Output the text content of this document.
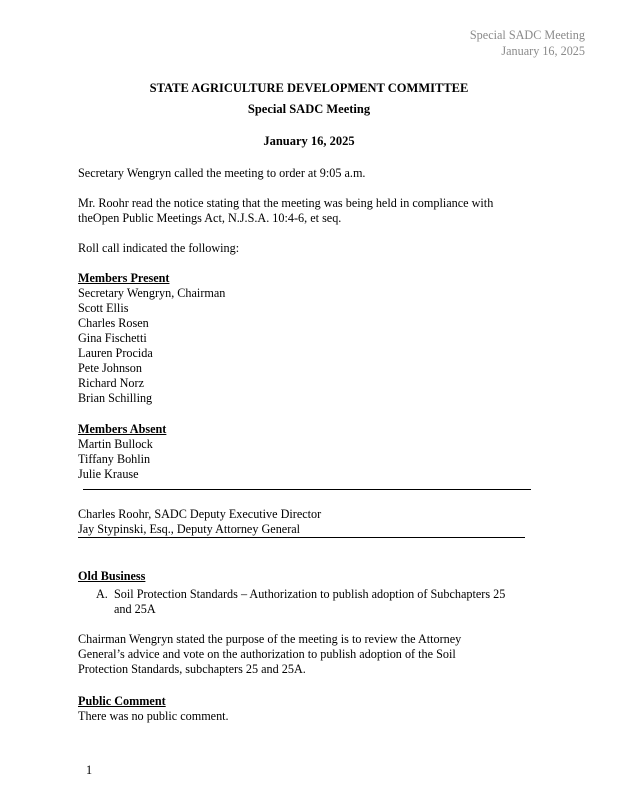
Special SADC Meeting
January 16, 2025
STATE AGRICULTURE DEVELOPMENT COMMITTEE
Special SADC Meeting
January 16, 2025
Secretary Wengryn called the meeting to order at 9:05 a.m.
Mr. Roohr read the notice stating that the meeting was being held in compliance with
theOpen Public Meetings Act, N.J.S.A. 10:4-6, et seq.
Roll call indicated the following:
Members Present
Secretary Wengryn, Chairman
Scott Ellis
Charles Rosen
Gina Fischetti
Lauren Procida
Pete Johnson
Richard Norz
Brian Schilling
Members Absent
Martin Bullock
Tiffany Bohlin
Julie Krause
Charles Roohr, SADC Deputy Executive Director
Jay Stypinski, Esq., Deputy Attorney General
Old Business
A. Soil Protection Standards – Authorization to publish adoption of Subchapters 25
and 25A
Chairman Wengryn stated the purpose of the meeting is to review the Attorney
General’s advice and vote on the authorization to publish adoption of the Soil
Protection Standards, subchapters 25 and 25A.
Public Comment
There was no public comment.
1
